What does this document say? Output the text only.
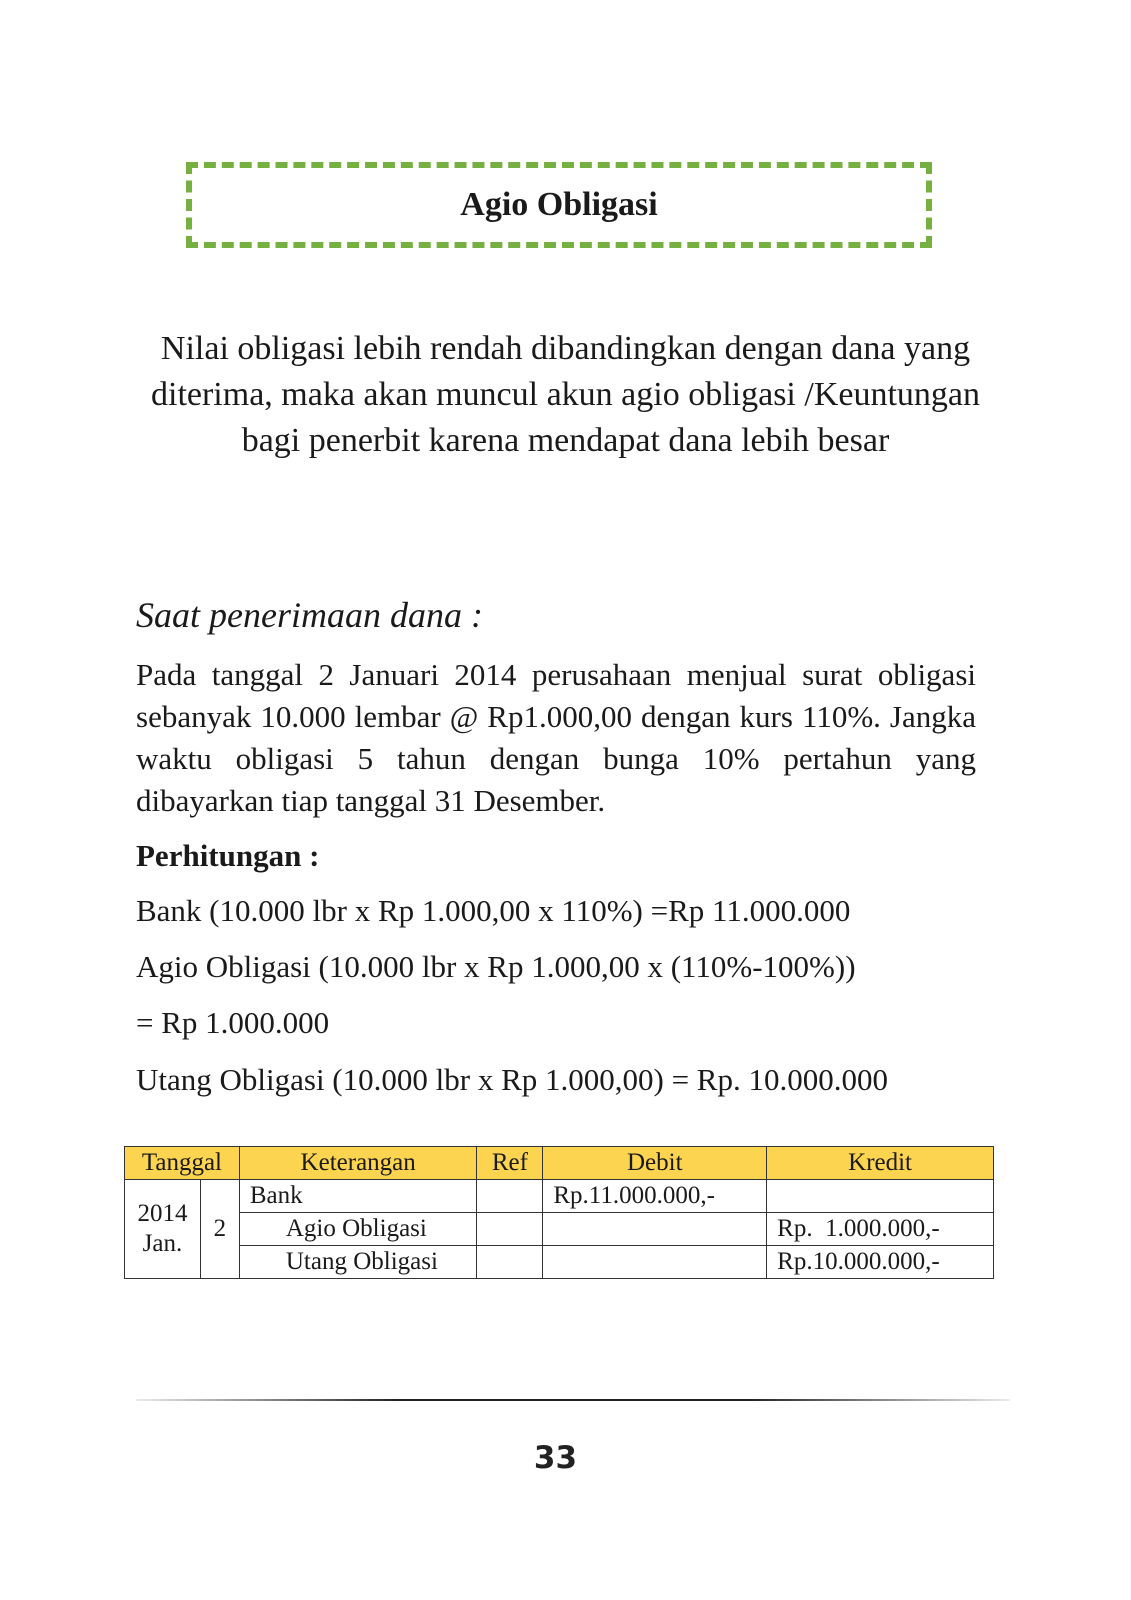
Agio Obligasi
Nilai obligasi lebih rendah dibandingkan dengan dana yang diterima, maka akan muncul akun agio obligasi /Keuntungan bagi penerbit karena mendapat dana lebih besar
Saat penerimaan dana :
Pada tanggal 2 Januari 2014 perusahaan menjual surat obligasi sebanyak 10.000 lembar @ Rp1.000,00 dengan kurs 110%. Jangka waktu obligasi 5 tahun dengan bunga 10% pertahun yang dibayarkan tiap tanggal 31 Desember.
Perhitungan :
Bank (10.000 lbr x Rp 1.000,00 x 110%) =Rp 11.000.000
Agio Obligasi (10.000 lbr x Rp 1.000,00 x (110%-100%))
= Rp 1.000.000
Utang Obligasi (10.000 lbr x Rp 1.000,00) = Rp. 10.000.000
Tanggal		Keterangan	Ref	Debit	Kredit
2014 Jan.	2	Bank		Rp.11.000.000,-	
		Agio Obligasi			Rp.  1.000.000,-
		Utang Obligasi			Rp.10.000.000,-
33
